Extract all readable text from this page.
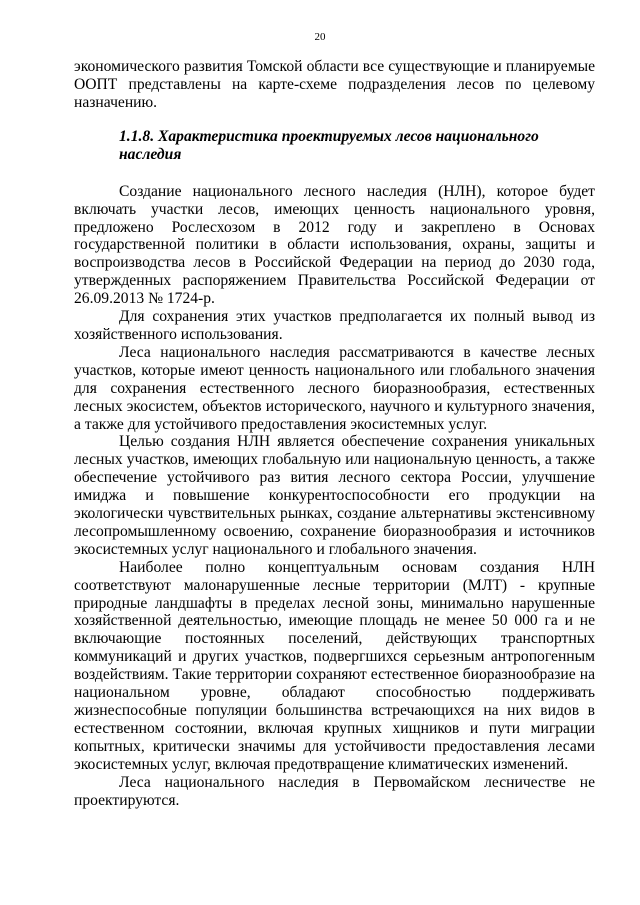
20

экономического развития Томской области все существующие и планируемые ООПТ представлены на карте-схеме подразделения лесов по целевому назначению.

1.1.8. Характеристика проектируемых лесов национального наследия

Создание национального лесного наследия (НЛН), которое будет включать участки лесов, имеющих ценность национального уровня, предложено Рослесхозом в 2012 году и закреплено в Основах государственной политики в области использования, охраны, защиты и воспроизводства лесов в Российской Федерации на период до 2030 года, утвержденных распоряжением Правительства Российской Федерации от 26.09.2013 № 1724-р.

Для сохранения этих участков предполагается их полный вывод из хозяйственного использования.

Леса национального наследия рассматриваются в качестве лесных участков, которые имеют ценность национального или глобального значения для сохранения естественного лесного биоразнообразия, естественных лесных экосистем, объектов исторического, научного и культурного значения, а также для устойчивого предоставления экосистемных услуг.

Целью создания НЛН является обеспечение сохранения уникальных лесных участков, имеющих глобальную или национальную ценность, а также обеспечение устойчивого раз вития лесного сектора России, улучшение имиджа и повышение конкурентоспособности его продукции на экологически чувствительных рынках, создание альтернативы экстенсивному лесопромышленному освоению, сохранение биоразнообразия и источников экосистемных услуг национального и глобального значения.

Наиболее полно концептуальным основам создания НЛН соответствуют малонарушенные лесные территории (МЛТ) - крупные природные ландшафты в пределах лесной зоны, минимально нарушенные хозяйственной деятельностью, имеющие площадь не менее 50 000 га и не включающие постоянных поселений, действующих транспортных коммуникаций и других участков, подвергшихся серьезным антропогенным воздействиям. Такие территории сохраняют естественное биоразнообразие на национальном уровне, обладают способностью поддерживать жизнеспособные популяции большинства встречающихся на них видов в естественном состоянии, включая крупных хищников и пути миграции копытных, критически значимы для устойчивости предоставления лесами экосистемных услуг, включая предотвращение климатических изменений.

Леса национального наследия в Первомайском лесничестве не проектируются.
